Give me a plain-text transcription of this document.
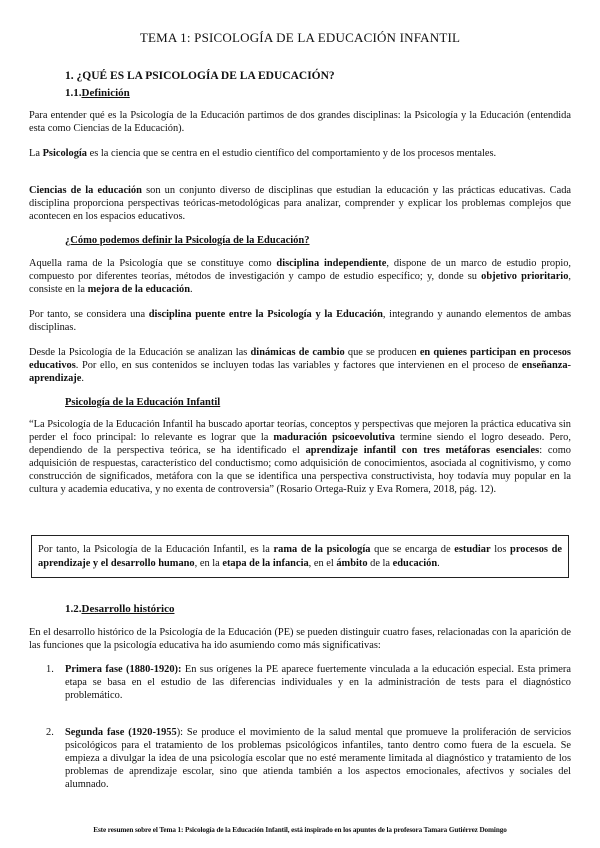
TEMA 1: PSICOLOGÍA DE LA EDUCACIÓN INFANTIL
1. ¿QUÉ ES LA PSICOLOGÍA DE LA EDUCACIÓN?
1.1.Definición
Para entender qué es la Psicología de la Educación partimos de dos grandes disciplinas: la Psicología y la Educación (entendida esta como Ciencias de la Educación).
La Psicología es la ciencia que se centra en el estudio científico del comportamiento y de los procesos mentales.
Ciencias de la educación son un conjunto diverso de disciplinas que estudian la educación y las prácticas educativas. Cada disciplina proporciona perspectivas teóricas-metodológicas para analizar, comprender y explicar los problemas complejos que acontecen en los espacios educativos.
¿Cómo podemos definir la Psicología de la Educación?
Aquella rama de la Psicología que se constituye como disciplina independiente, dispone de un marco de estudio propio, compuesto por diferentes teorías, métodos de investigación y campo de estudio específico; y, donde su objetivo prioritario, consiste en la mejora de la educación.
Por tanto, se considera una disciplina puente entre la Psicología y la Educación, integrando y aunando elementos de ambas disciplinas.
Desde la Psicología de la Educación se analizan las dinámicas de cambio que se producen en quienes participan en procesos educativos. Por ello, en sus contenidos se incluyen todas las variables y factores que intervienen en el proceso de enseñanza-aprendizaje.
Psicología de la Educación Infantil
“La Psicología de la Educación Infantil ha buscado aportar teorías, conceptos y perspectivas que mejoren la práctica educativa sin perder el foco principal: lo relevante es lograr que la maduración psicoevolutiva termine siendo el logro deseado. Pero, dependiendo de la perspectiva teórica, se ha identificado el aprendizaje infantil con tres metáforas esenciales: como adquisición de respuestas, característico del conductismo; como adquisición de conocimientos, asociada al cognitivismo, y como construcción de significados, metáfora con la que se identifica una perspectiva constructivista, hoy todavía muy popular en la cultura y academia educativa, y no exenta de controversia” (Rosario Ortega-Ruiz y Eva Romera, 2018, pág. 12).
Por tanto, la Psicología de la Educación Infantil, es la rama de la psicología que se encarga de estudiar los procesos de aprendizaje y el desarrollo humano, en la etapa de la infancia, en el ámbito de la educación.
1.2.Desarrollo histórico
En el desarrollo histórico de la Psicología de la Educación (PE) se pueden distinguir cuatro fases, relacionadas con la aparición de las funciones que la psicología educativa ha ido asumiendo como más significativas:
1. Primera fase (1880-1920): En sus orígenes la PE aparece fuertemente vinculada a la educación especial. Esta primera etapa se basa en el estudio de las diferencias individuales y en la administración de tests para el diagnóstico problemático.
2. Segunda fase (1920-1955): Se produce el movimiento de la salud mental que promueve la proliferación de servicios psicológicos para el tratamiento de los problemas psicológicos infantiles, tanto dentro como fuera de la escuela. Se empieza a divulgar la idea de una psicología escolar que no esté meramente limitada al diagnóstico y tratamiento de los problemas de aprendizaje escolar, sino que atienda también a los aspectos emocionales, afectivos y sociales del alumnado.
Este resumen sobre el Tema 1: Psicología de la Educación Infantil, está inspirado en los apuntes de la profesora Tamara Gutiérrez Domingo
